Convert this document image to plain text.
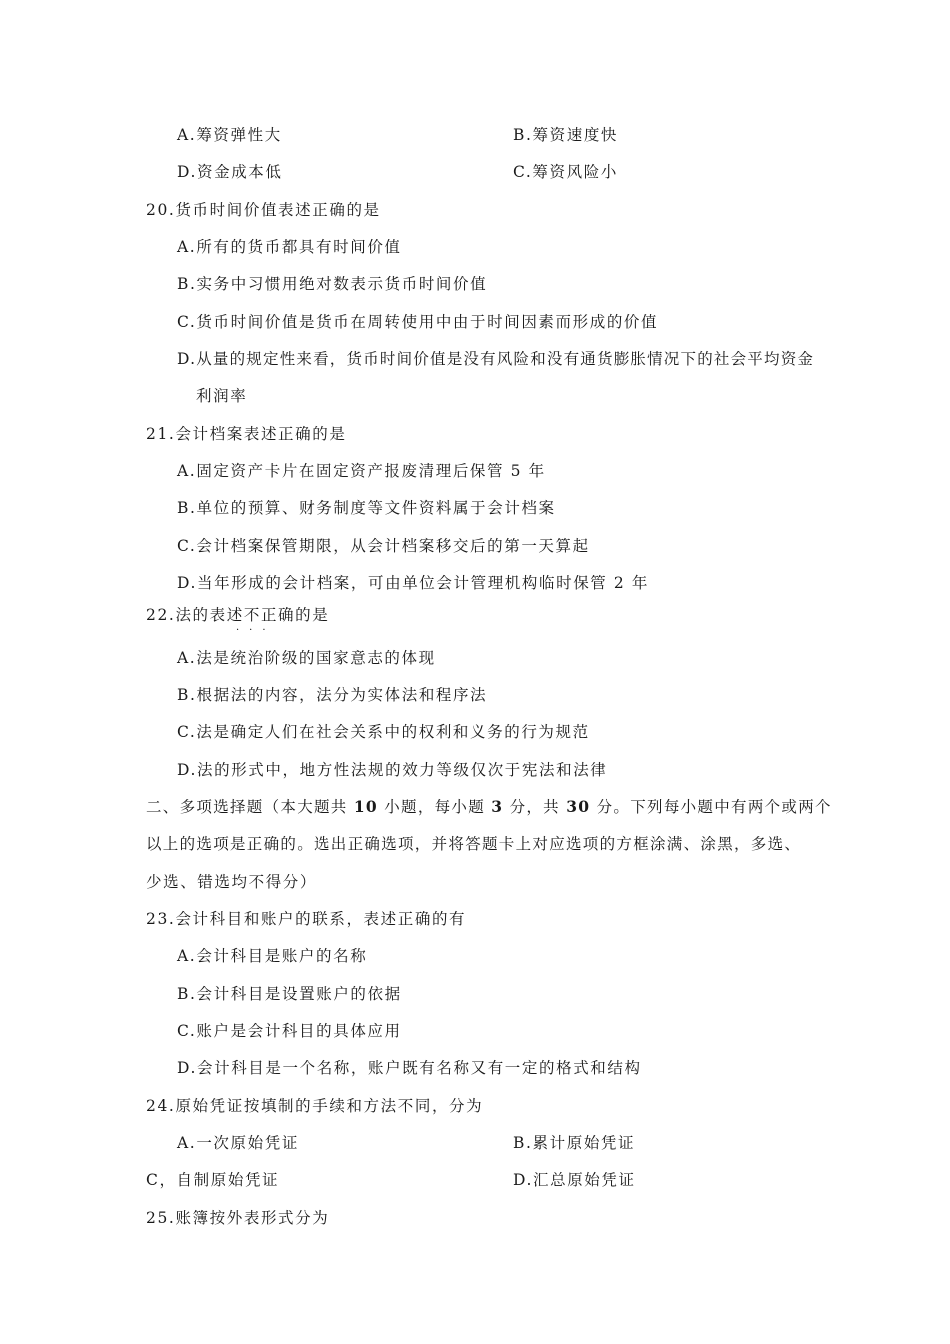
A.筹资弹性大	B.筹资速度快
D.资金成本低	C.筹资风险小
20.货币时间价值表述正确的是
A.所有的货币都具有时间价值
B.实务中习惯用绝对数表示货币时间价值
C.货币时间价值是货币在周转使用中由于时间因素而形成的价值
D.从量的规定性来看，货币时间价值是没有风险和没有通货膨胀情况下的社会平均资金
利润率
21.会计档案表述正确的是
A.固定资产卡片在固定资产报废清理后保管 5 年
B.单位的预算、财务制度等文件资料属于会计档案
C.会计档案保管期限，从会计档案移交后的第一天算起
D.当年形成的会计档案，可由单位会计管理机构临时保管 2 年
22.法的表述不正确的是
···
A.法是统治阶级的国家意志的体现
B.根据法的内容，法分为实体法和程序法
C.法是确定人们在社会关系中的权利和义务的行为规范
D.法的形式中，地方性法规的效力等级仅次于宪法和法律
二、多项选择题（本大题共 10 小题，每小题 3 分，共 30 分。下列每小题中有两个或两个
以上的选项是正确的。选出正确选项，并将答题卡上对应选项的方框涂满、涂黑，多选、
少选、错选均不得分）
23.会计科目和账户的联系，表述正确的有
A.会计科目是账户的名称
B.会计科目是设置账户的依据
C.账户是会计科目的具体应用
D.会计科目是一个名称，账户既有名称又有一定的格式和结构
24.原始凭证按填制的手续和方法不同，分为
A.一次原始凭证	B.累计原始凭证
C，自制原始凭证	D.汇总原始凭证
25.账簿按外表形式分为
